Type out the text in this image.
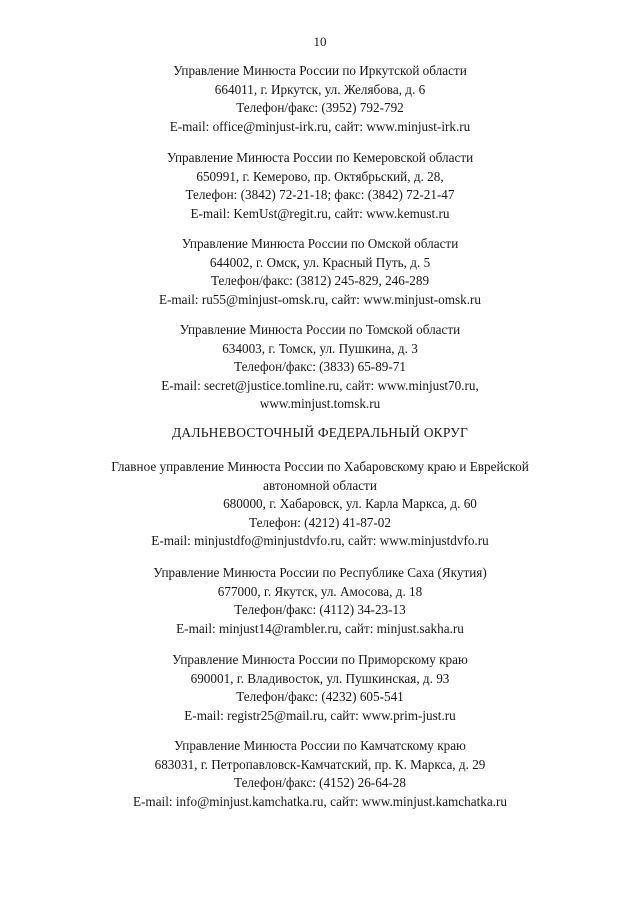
10
Управление Минюста России по Иркутской области
664011, г. Иркутск, ул. Желябова, д. 6
Телефон/факс: (3952) 792-792
E-mail: office@minjust-irk.ru, сайт: www.minjust-irk.ru
Управление Минюста России по Кемеровской области
650991, г. Кемерово, пр. Октябрьский, д. 28,
Телефон: (3842) 72-21-18; факс: (3842) 72-21-47
E-mail: KemUst@regit.ru, сайт: www.kemust.ru
Управление Минюста России по Омской области
644002, г. Омск, ул. Красный Путь, д. 5
Телефон/факс: (3812) 245-829, 246-289
E-mail: ru55@minjust-omsk.ru, сайт: www.minjust-omsk.ru
Управление Минюста России по Томской области
634003, г. Томск, ул. Пушкина, д. 3
Телефон/факс: (3833) 65-89-71
E-mail: secret@justice.tomline.ru, сайт: www.minjust70.ru,
www.minjust.tomsk.ru
ДАЛЬНЕВОСТОЧНЫЙ ФЕДЕРАЛЬНЫЙ ОКРУГ
Главное управление Минюста России по Хабаровскому краю и Еврейской
автономной области
680000, г. Хабаровск, ул. Карла Маркса, д. 60
Телефон: (4212) 41-87-02
E-mail: minjustdfo@minjustdvfo.ru, сайт: www.minjustdvfo.ru
Управление Минюста России по Республике Саха (Якутия)
677000, г. Якутск, ул. Амосова, д. 18
Телефон/факс: (4112) 34-23-13
E-mail: minjust14@rambler.ru, сайт: minjust.sakha.ru
Управление Минюста России по Приморскому краю
690001, г. Владивосток, ул. Пушкинская, д. 93
Телефон/факс: (4232) 605-541
E-mail: registr25@mail.ru, сайт: www.prim-just.ru
Управление Минюста России по Камчатскому краю
683031, г. Петропавловск-Камчатский, пр. К. Маркса, д. 29
Телефон/факс: (4152) 26-64-28
E-mail: info@minjust.kamchatka.ru, сайт: www.minjust.kamchatka.ru
